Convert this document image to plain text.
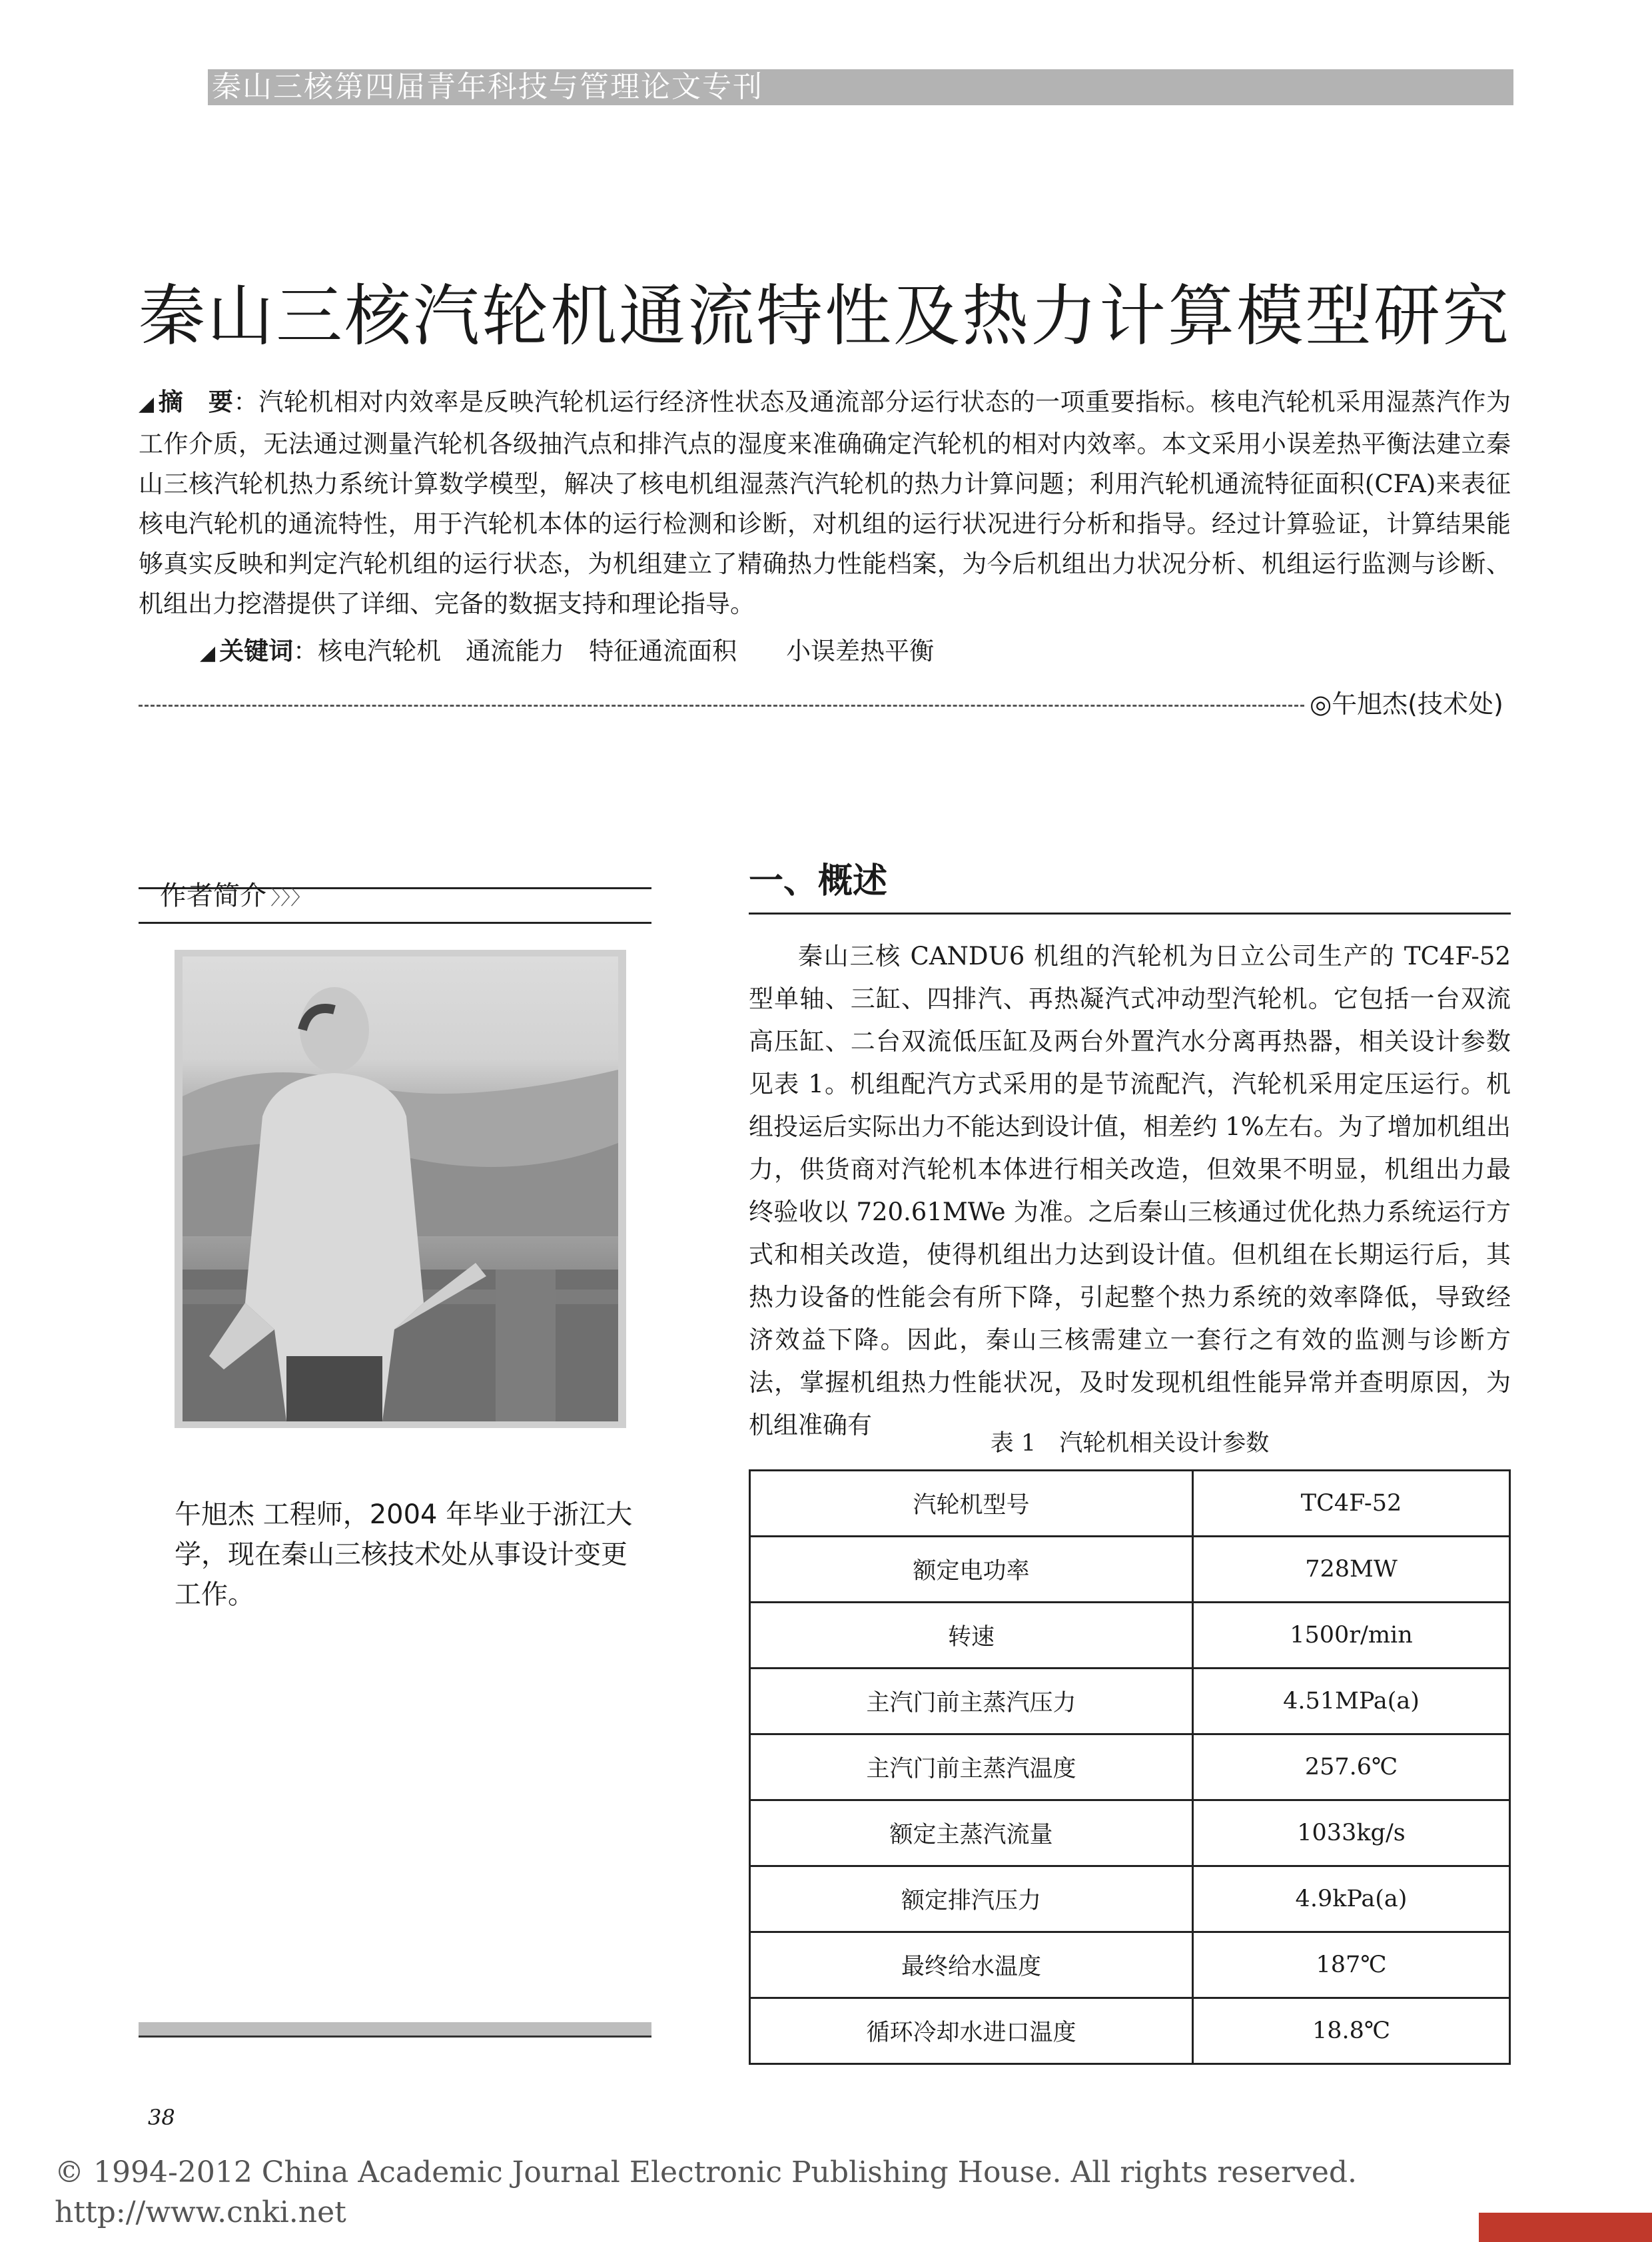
秦山三核第四届青年科技与管理论文专刊
秦山三核汽轮机通流特性及热力计算模型研究
◢ 摘　要：汽轮机相对内效率是反映汽轮机运行经济性状态及通流部分运行状态的一项重要指标。核电汽轮机采用湿蒸汽作为工作介质，无法通过测量汽轮机各级抽汽点和排汽点的湿度来准确确定汽轮机的相对内效率。本文采用小误差热平衡法建立秦山三核汽轮机热力系统计算数学模型，解决了核电机组湿蒸汽汽轮机的热力计算问题；利用汽轮机通流特征面积(CFA)来表征核电汽轮机的通流特性，用于汽轮机本体的运行检测和诊断，对机组的运行状况进行分析和指导。经过计算验证，计算结果能够真实反映和判定汽轮机组的运行状态，为机组建立了精确热力性能档案，为今后机组出力状况分析、机组运行监测与诊断、机组出力挖潜提供了详细、完备的数据支持和理论指导。
◢ 关键词：核电汽轮机　通流能力　特征通流面积　　小误差热平衡
◎午旭杰(技术处)
作者简介 〉〉〉
午旭杰 工程师，2004 年毕业于浙江大学，现在秦山三核技术处从事设计变更工作。
一、概述
秦山三核 CANDU6 机组的汽轮机为日立公司生产的 TC4F-52 型单轴、三缸、四排汽、再热凝汽式冲动型汽轮机。它包括一台双流高压缸、二台双流低压缸及两台外置汽水分离再热器，相关设计参数见表 1。机组配汽方式采用的是节流配汽，汽轮机采用定压运行。机组投运后实际出力不能达到设计值，相差约 1%左右。为了增加机组出力，供货商对汽轮机本体进行相关改造，但效果不明显，机组出力最终验收以 720.61MWe 为准。之后秦山三核通过优化热力系统运行方式和相关改造，使得机组出力达到设计值。但机组在长期运行后，其热力设备的性能会有所下降，引起整个热力系统的效率降低，导致经济效益下降。因此，秦山三核需建立一套行之有效的监测与诊断方法，掌握机组热力性能状况，及时发现机组性能异常并查明原因，为机组准确有
表 1　汽轮机相关设计参数
汽轮机型号	TC4F-52
额定电功率	728MW
转速	1500r/min
主汽门前主蒸汽压力	4.51MPa(a)
主汽门前主蒸汽温度	257.6℃
额定主蒸汽流量	1033kg/s
额定排汽压力	4.9kPa(a)
最终给水温度	187℃
循环冷却水进口温度	18.8℃
38
© 1994-2012 China Academic Journal Electronic Publishing House. All rights reserved. http://www.cnki.net
